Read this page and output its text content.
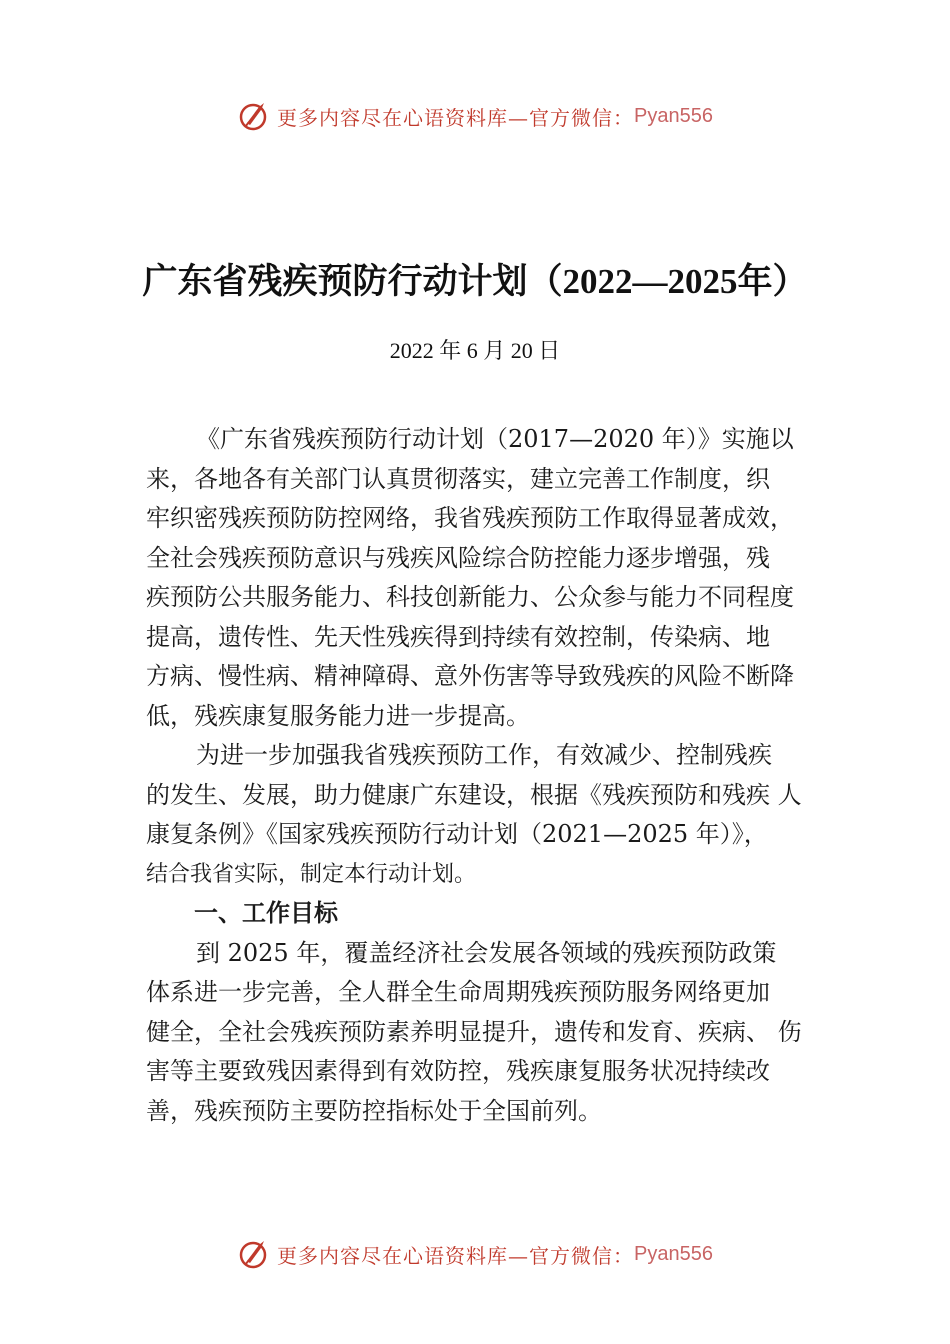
更多内容尽在心语资料库—官方微信： Pyan556
广东省残疾预防行动计划（2022—2025年）
2022 年 6 月 20 日

《广东省残疾预防行动计划（2017—2020 年）》实施以
来，各地各有关部门认真贯彻落实，建立完善工作制度，织
牢织密残疾预防防控网络，我省残疾预防工作取得显著成效，
全社会残疾预防意识与残疾风险综合防控能力逐步增强，残
疾预防公共服务能力、科技创新能力、公众参与能力不同程度
提高，遗传性、先天性残疾得到持续有效控制，传染病、地
方病、慢性病、精神障碍、意外伤害等导致残疾的风险不断降
低，残疾康复服务能力进一步提高。

为进一步加强我省残疾预防工作，有效减少、控制残疾
的发生、发展，助力健康广东建设，根据《残疾预防和残疾 人
康复条例》《国家残疾预防行动计划（2021—2025 年）》，
结合我省实际，制定本行动计划。

一、工作目标

到 2025 年，覆盖经济社会发展各领域的残疾预防政策
体系进一步完善，全人群全生命周期残疾预防服务网络更加
健全，全社会残疾预防素养明显提升，遗传和发育、疾病、 伤
害等主要致残因素得到有效防控，残疾康复服务状况持续改
善，残疾预防主要防控指标处于全国前列。

更多内容尽在心语资料库—官方微信： Pyan556
